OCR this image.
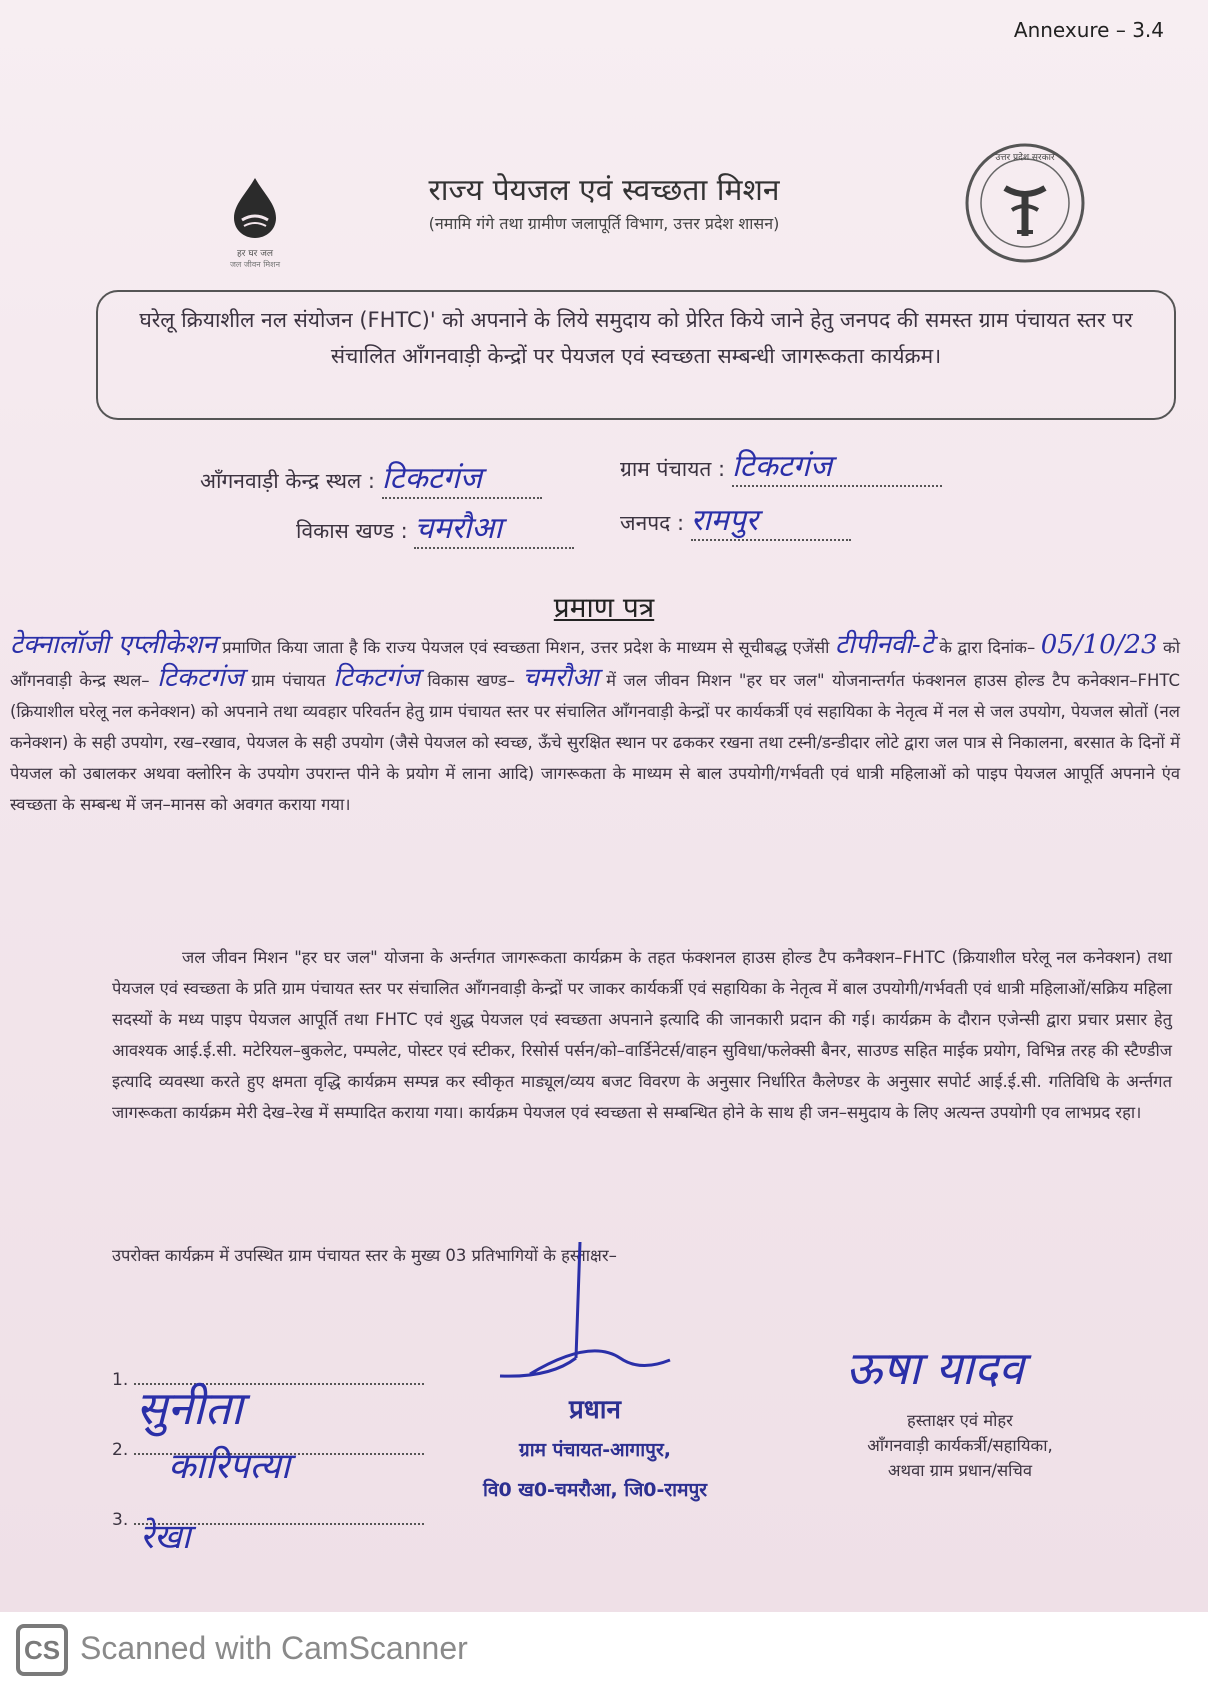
Annexure – 3.4
हर घर जल
जल जीवन मिशन
उत्तर प्रदेश सरकार
राज्य पेयजल एवं स्वच्छता मिशन
(नमामि गंगे तथा ग्रामीण जलापूर्ति विभाग, उत्तर प्रदेश शासन)
घरेलू क्रियाशील नल संयोजन (FHTC)' को अपनाने के लिये समुदाय को प्रेरित किये जाने हेतु जनपद की समस्त ग्राम पंचायत स्तर पर संचालित ऑंगनवाड़ी केन्द्रों पर पेयजल एवं स्वच्छता सम्बन्धी जागरूकता कार्यक्रम।
ऑंगनवाड़ी केन्द्र स्थल : टिकटगंज	ग्राम पंचायत : टिकटगंज
विकास खण्ड : चमरौआ	जनपद : रामपुर
प्रमाण पत्र
टेक्नालॉजी एप्लीकेशन प्रमाणित किया जाता है कि राज्य पेयजल एवं स्वच्छता मिशन, उत्तर प्रदेश के माध्यम से सूचीबद्ध एजेंसी टीपीनवी-टे के द्वारा दिनांक– 05/10/23 को आँगनवाड़ी केन्द्र स्थल– टिकटगंज ग्राम पंचायत टिकटगंज विकास खण्ड– चमरौआ में जल जीवन मिशन "हर घर जल" योजनान्तर्गत फंक्शनल हाउस होल्ड टैप कनेक्शन–FHTC (क्रियाशील घरेलू नल कनेक्शन) को अपनाने तथा व्यवहार परिवर्तन हेतु ग्राम पंचायत स्तर पर संचालित ऑंगनवाड़ी केन्द्रों पर कार्यकर्त्री एवं सहायिका के नेतृत्व में नल से जल उपयोग, पेयजल स्रोतों (नल कनेक्शन) के सही उपयोग, रख–रखाव, पेयजल के सही उपयोग (जैसे पेयजल को स्वच्छ, ऊँचे सुरक्षित स्थान पर ढककर रखना तथा टस्नी/डन्डीदार लोटे द्वारा जल पात्र से निकालना, बरसात के दिनों में पेयजल को उबालकर अथवा क्लोरिन के उपयोग उपरान्त पीने के प्रयोग में लाना आदि) जागरूकता के माध्यम से बाल उपयोगी/गर्भवती एवं धात्री महिलाओं को पाइप पेयजल आपूर्ति अपनाने एंव स्वच्छता के सम्बन्ध में जन–मानस को अवगत कराया गया।
जल जीवन मिशन "हर घर जल" योजना के अर्न्तगत जागरूकता कार्यक्रम के तहत फंक्शनल हाउस होल्ड टैप कनैक्शन–FHTC (क्रियाशील घरेलू नल कनेक्शन) तथा पेयजल एवं स्वच्छता के प्रति ग्राम पंचायत स्तर पर संचालित ऑंगनवाड़ी केन्द्रों पर जाकर कार्यकर्त्री एवं सहायिका के नेतृत्व में बाल उपयोगी/गर्भवती एवं धात्री महिलाओं/सक्रिय महिला सदस्यों के मध्य पाइप पेयजल आपूर्ति तथा FHTC एवं शुद्ध पेयजल एवं स्वच्छता अपनाने इत्यादि की जानकारी प्रदान की गई। कार्यक्रम के दौरान एजेन्सी द्वारा प्रचार प्रसार हेतु आवश्यक आई.ई.सी. मटेरियल–बुकलेट, पम्पलेट, पोस्टर एवं स्टीकर, रिसोर्स पर्सन/को–वार्डिनेटर्स/वाहन सुविधा/फलेक्सी बैनर, साउण्ड सहित माईक प्रयोग, विभिन्न तरह की स्टैण्डीज इत्यादि व्यवस्था करते हुए क्षमता वृद्धि कार्यक्रम सम्पन्न कर स्वीकृत माड्यूल/व्यय बजट विवरण के अनुसार निर्धारित कैलेण्डर के अनुसार सपोर्ट आई.ई.सी. गतिविधि के अर्न्तगत जागरूकता कार्यक्रम मेरी देख–रेख में सम्पादित कराया गया। कार्यक्रम पेयजल एवं स्वच्छता से सम्बन्धित होने के साथ ही जन–समुदाय के लिए अत्यन्त उपयोगी एव लाभप्रद रहा।
उपरोक्त कार्यक्रम में उपस्थित ग्राम पंचायत स्तर के मुख्य 03 प्रतिभागियों के हस्ताक्षर–
1.
सुनीता
2.	कारिपत्या
3. रेखा
प्रधान
ग्राम पंचायत-आगापुर,
वि0 ख0-चमरौआ, जि0-रामपुर
ऊषा यादव
हस्ताक्षर एवं मोहर
ऑंगनवाड़ी कार्यकर्त्री/सहायिका,
अथवा ग्राम प्रधान/सचिव
CS Scanned with CamScanner
